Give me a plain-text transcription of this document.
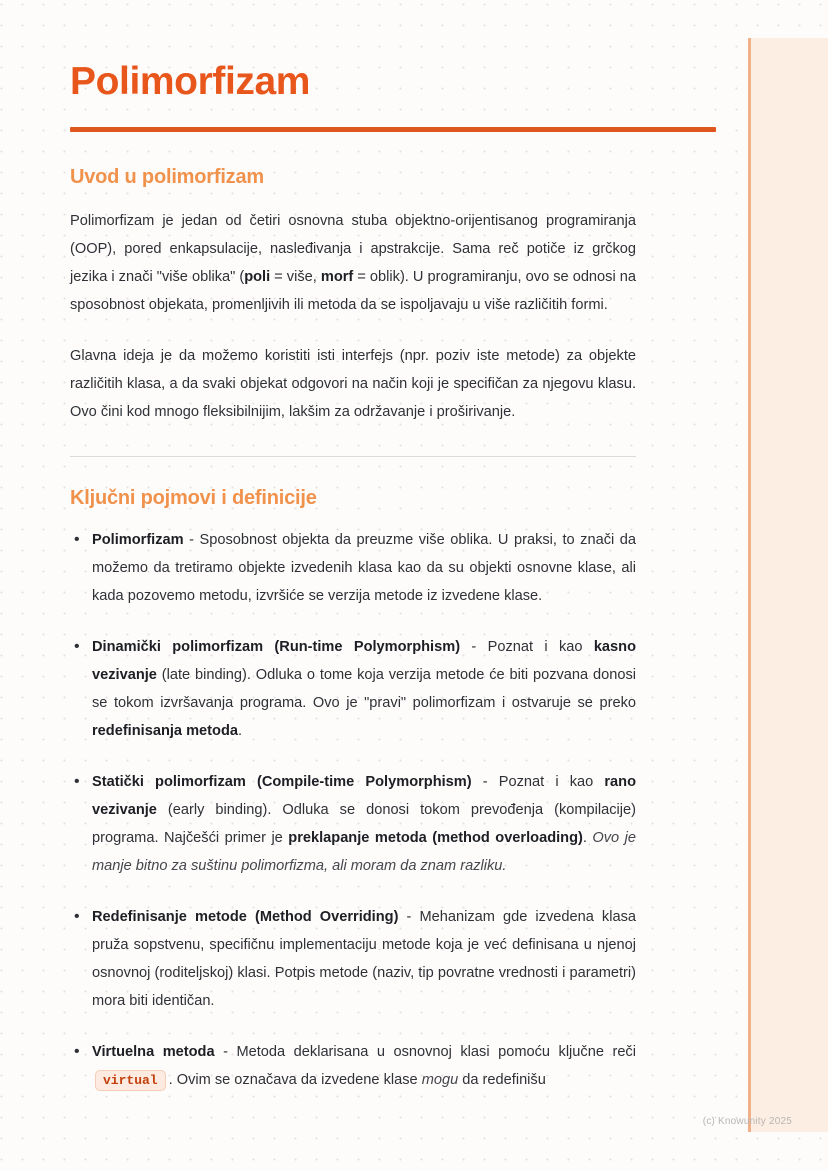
Polimorfizam
Uvod u polimorfizam

Polimorfizam je jedan od četiri osnovna stuba objektno-orijentisanog programiranja (OOP), pored enkapsulacije, nasleđivanja i apstrakcije. Sama reč potiče iz grčkog jezika i znači "više oblika" (poli = više, morf = oblik). U programiranju, ovo se odnosi na sposobnost objekata, promenljivih ili metoda da se ispoljavaju u više različitih formi.

Glavna ideja je da možemo koristiti isti interfejs (npr. poziv iste metode) za objekte različitih klasa, a da svaki objekat odgovori na način koji je specifičan za njegovu klasu. Ovo čini kod mnogo fleksibilnijim, lakšim za održavanje i proširivanje.

Ključni pojmovi i definicije
• Polimorfizam - Sposobnost objekta da preuzme više oblika. U praksi, to znači da možemo da tretiramo objekte izvedenih klasa kao da su objekti osnovne klase, ali kada pozovemo metodu, izvršiće se verzija metode iz izvedene klase.
• Dinamički polimorfizam (Run-time Polymorphism) - Poznat i kao kasno vezivanje (late binding). Odluka o tome koja verzija metode će biti pozvana donosi se tokom izvršavanja programa. Ovo je "pravi" polimorfizam i ostvaruje se preko redefinisanja metoda.
• Statički polimorfizam (Compile-time Polymorphism) - Poznat i kao rano vezivanje (early binding). Odluka se donosi tokom prevođenja (kompilacije) programa. Najčešći primer je preklapanje metoda (method overloading). Ovo je manje bitno za suštinu polimorfizma, ali moram da znam razliku.
• Redefinisanje metode (Method Overriding) - Mehanizam gde izvedena klasa pruža sopstvenu, specifičnu implementaciju metode koja je već definisana u njenoj osnovnoj (roditeljskoj) klasi. Potpis metode (naziv, tip povratne vrednosti i parametri) mora biti identičan.
• Virtuelna metoda - Metoda deklarisana u osnovnoj klasi pomoću ključne reči virtual . Ovim se označava da izvedene klase mogu da redefinišu
(c) Knowunity 2025
